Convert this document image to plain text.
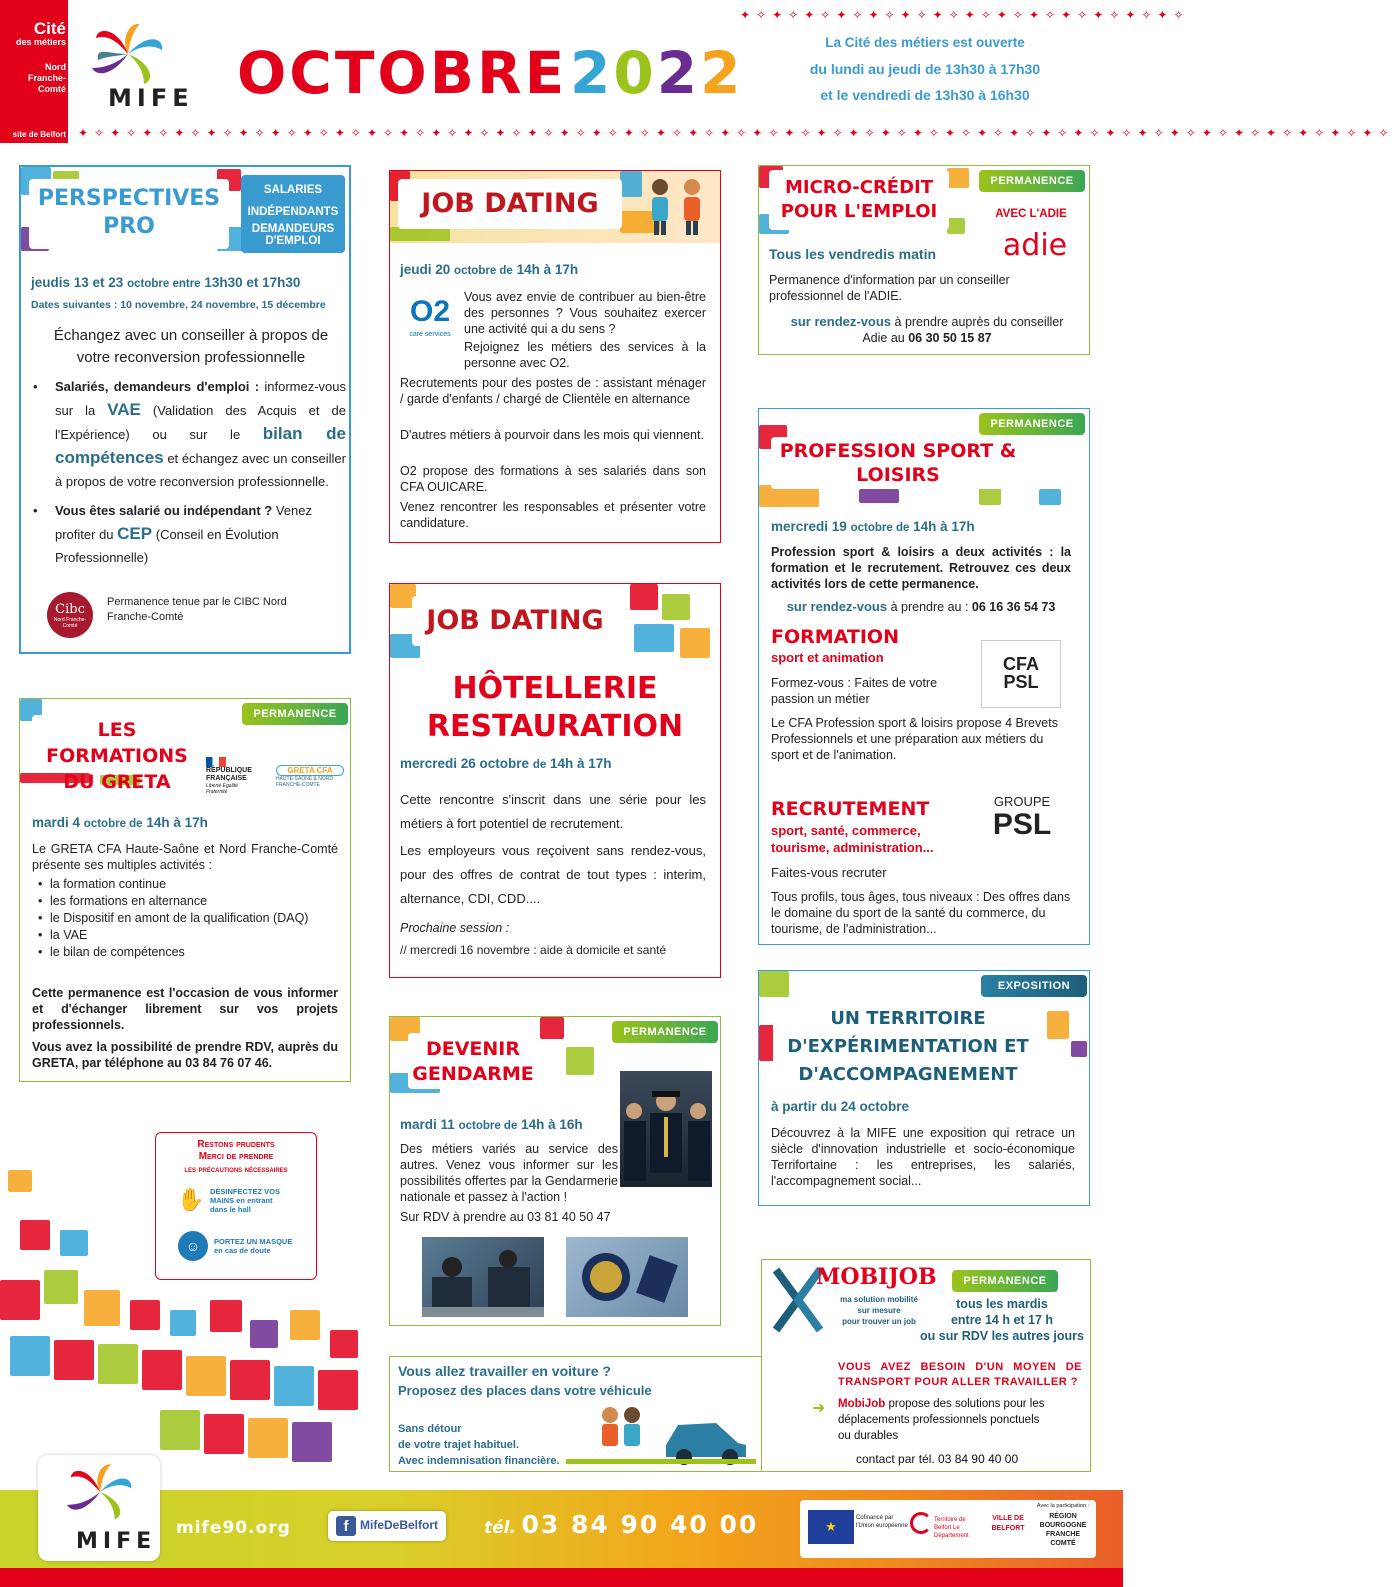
Cité
des métiers
Nord
Franche-Comté
site de Belfort
MIFE OCTOBRE 2022
✦✧✦✧✦✧✦✧✦✧✦✧✦✧✦✧✦✧✦✧✦✧✦✧✦✧✦✧
La Cité des métiers est ouverte
du lundi au jeudi de 13h30 à 17h30
et le vendredi de 13h30 à 16h30
✦✧✦✧✦✧✦✧✦✧✦✧✦✧✦✧✦✧✦✧✦✧✦✧✦✧✦✧✦✧✦✧✦✧✦✧✦✧✦✧✦✧✦✧✦✧✦✧✦✧✦✧✦✧✦✧✦✧✦✧✦✧✦✧✦✧✦✧✦✧✦✧✦✧✦✧✦✧✦✧✦✧
PERSPECTIVES
PRO
SALARIES
INDÉPENDANTS
DEMANDEURS D'EMPLOI
jeudis 13 et 23 octobre entre 13h30 et 17h30
Dates suivantes : 10 novembre, 24 novembre, 15 décembre
Échangez avec un conseiller à propos de votre reconversion professionnelle
• Salariés, demandeurs d'emploi : informez-vous sur la VAE (Validation des Acquis et de l'Expérience) ou sur le bilan de compétences et échangez avec un conseiller à propos de votre reconversion professionnelle.
• Vous êtes salarié ou indépendant ? Venez profiter du CEP (Conseil en Évolution Professionnelle)
Cibc
Nord Franche-Comté
Permanence tenue par le CIBC Nord Franche-Comté
JOB DATING
jeudi 20 octobre de 14h à 17h
O2
care services
Vous avez envie de contribuer au bien-être des personnes ? Vous souhaitez exercer une activité qui a du sens ?
Rejoignez les métiers des services à la personne avec O2.
Recrutements pour des postes de : assistant ménager / garde d'enfants / chargé de Clientèle en alternance
D'autres métiers à pourvoir dans les mois qui viennent.
O2 propose des formations à ses salariés dans son CFA OUICARE.
Venez rencontrer les responsables et présenter votre candidature.
MICRO-CRÉDIT
POUR L'EMPLOI
PERMANENCE
AVEC L'ADIE
adie
Tous les vendredis matin
Permanence d'information par un conseiller professionnel de l'ADIE.
sur rendez-vous à prendre auprès du conseiller Adie au 06 30 50 15 87
PERMANENCE
PROFESSION SPORT &
LOISIRS
mercredi 19 octobre de 14h à 17h
Profession sport & loisirs a deux activités : la formation et le recrutement. Retrouvez ces deux activités lors de cette permanence.
sur rendez-vous à prendre au : 06 16 36 54 73
FORMATION
sport et animation
Formez-vous : Faites de votre passion un métier
Le CFA Profession sport & loisirs propose 4 Brevets Professionnels et une préparation aux métiers du sport et de l'animation.
CFA
PSL
RECRUTEMENT
sport, santé, commerce, tourisme, administration...
GROUPE
PSL
Faites-vous recruter
Tous profils, tous âges, tous niveaux : Des offres dans le domaine du sport de la santé du commerce, du tourisme, de l'administration...
JOB DATING
HÔTELLERIE
RESTAURATION
mercredi 26 octobre de 14h à 17h
Cette rencontre s'inscrit dans une série pour les métiers à fort potentiel de recrutement.
Les employeurs vous reçoivent sans rendez-vous, pour des offres de contrat de tout types : interim, alternance, CDI, CDD....
Prochaine session :
// mercredi 16 novembre : aide à domicile et santé
PERMANENCE
LES FORMATIONS
DU GRETA
RÉPUBLIQUE FRANÇAISE
Liberté Égalité Fraternité
GRETA CFA
HAUTE-SAÔNE & NORD FRANCHE-COMTÉ
mardi 4 octobre de 14h à 17h
Le GRETA CFA Haute-Saône et Nord Franche-Comté présente ses multiples activités :
• la formation continue
• les formations en alternance
• le Dispositif en amont de la qualification (DAQ)
• la VAE
• le bilan de compétences
Cette permanence est l'occasion de vous informer et d'échanger librement sur vos projets professionnels.
Vous avez la possibilité de prendre RDV, auprès du GRETA, par téléphone au 03 84 76 07 46.
PERMANENCE
DEVENIR
GENDARME
mardi 11 octobre de 14h à 16h
Des métiers variés au service des autres. Venez vous informer sur les possibilités offertes par la Gendarmerie nationale et passez à l'action !
Sur RDV à prendre au 03 81 40 50 47
EXPOSITION
UN TERRITOIRE
D'EXPÉRIMENTATION ET
D'ACCOMPAGNEMENT
à partir du 24 octobre
Découvrez à la MIFE une exposition qui retrace un siècle d'innovation industrielle et socio-économique Terrifortaine : les entreprises, les salariés, l'accompagnement social...
Restons prudents
Merci de prendre
les précautions nécessaires
✋ DÉSINFECTEZ VOS
MAINS en entrant
dans le hall
☺	PORTEZ UN MASQUE
en cas de doute
Vous allez travailler en voiture ?
Proposez des places dans votre véhicule
Sans détour
de votre trajet habituel.
Avec indemnisation financière.
MOBIJOB
ma solution mobilité
sur mesure
pour trouver un job
PERMANENCE
tous les mardis
entre 14 h et 17 h
ou sur RDV les autres jours
VOUS AVEZ BESOIN D'UN MOYEN DE TRANSPORT POUR ALLER TRAVAILLER ?
➜ MobiJob propose des solutions pour les déplacements professionnels ponctuels ou durables
contact par tél. 03 84 90 40 00
MIFE
mife90.org	f MifeDeBelfort	tél. 03 84 90 40 00	★
Cofinancé par l'Union européenne
Territoire de Belfort Le Département
VILLE DE BELFORT
Avec la participation :
RÉGION BOURGOGNE FRANCHE COMTÉ
